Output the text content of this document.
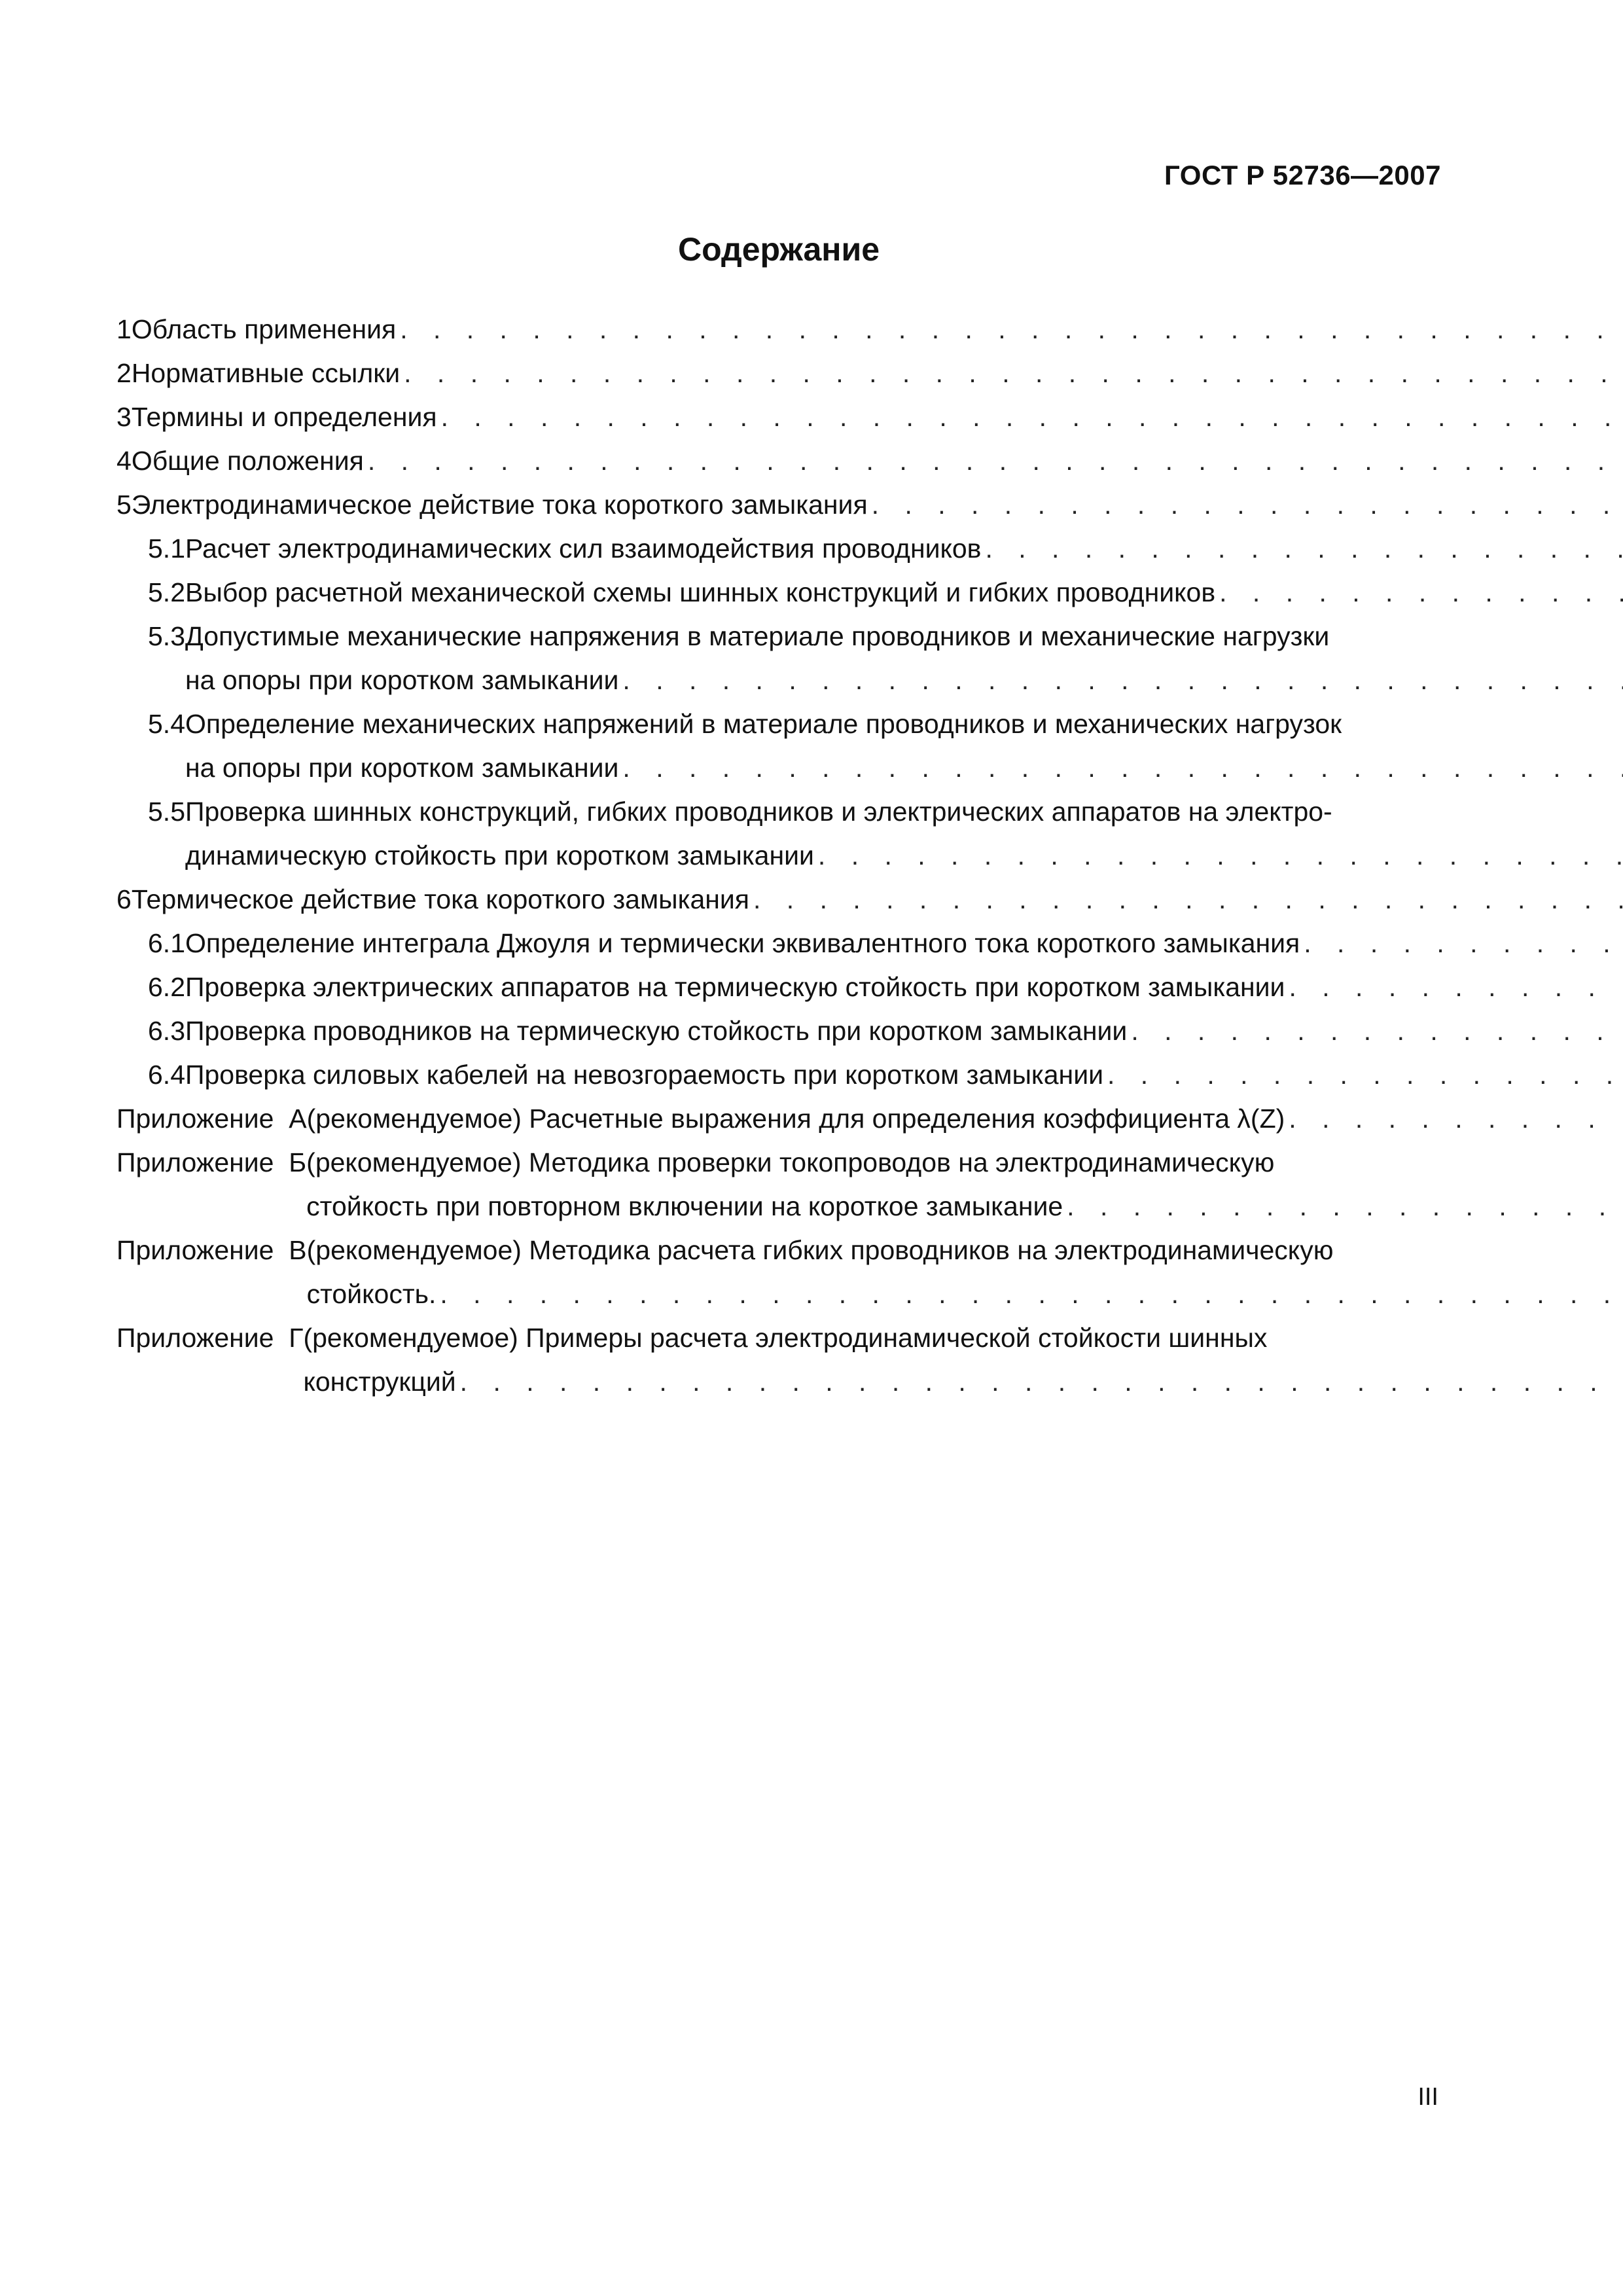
ГОСТ Р 52736—2007
Содержание
1 Область применения
. . .
2 Нормативные ссылки
. . .
3 Термины и определения
. . .
4 Общие положения
. . .
5 Электродинамическое действие тока короткого замыкания
. . .
5.1 Расчет электродинамических сил взаимодействия проводников
. . .
5.2 Выбор расчетной механической схемы шинных конструкций и гибких проводников
. . .
5.3 Допустимые механические напряжения в материале проводников и механические нагрузки
на опоры при коротком замыкании
. . .
5.4 Определение механических напряжений в материале проводников и механических нагрузок
на опоры при коротком замыкании
. . .
5.5 Проверка шинных конструкций, гибких проводников и электрических аппаратов на электро-
динамическую стойкость при коротком замыкании
. . .
6 Термическое действие тока короткого замыкания
. . .
6.1 Определение интеграла Джоуля и термически эквивалентного тока короткого замыкания
. . .
6.2 Проверка электрических аппаратов на термическую стойкость при коротком замыкании
. . .
6.3 Проверка проводников на термическую стойкость при коротком замыкании
. . .
6.4 Проверка силовых кабелей на невозгораемость при коротком замыкании
. . .
Приложение  А (рекомендуемое) Расчетные выражения для определения коэффициента λ(Z)
. . .
Приложение  Б (рекомендуемое) Методика проверки токопроводов на электродинамическую
стойкость при повторном включении на короткое замыкание
. . .
Приложение  В (рекомендуемое) Методика расчета гибких проводников на электродинамическую
стойкость.
. . .
Приложение  Г (рекомендуемое) Примеры расчета электродинамической стойкости шинных
конструкций
. . .
III
